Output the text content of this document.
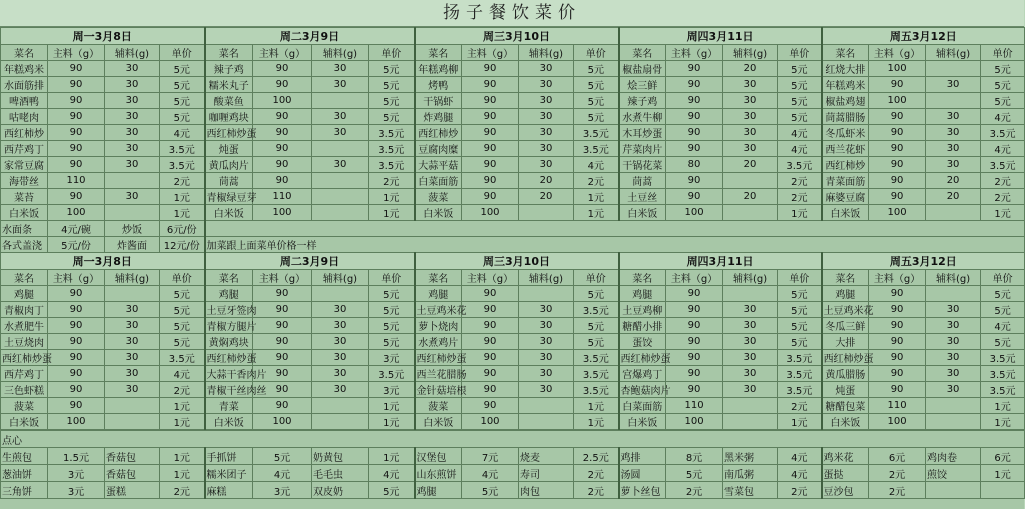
扬子餐饮菜价
周一3月8日				周二3月9日				周三3月10日				周四3月11日				周五3月12日			
菜名	主料（g）	辅料(g)	单价	菜名	主料（g）	辅料(g)	单价	菜名	主料（g）	辅料(g)	单价	菜名	主料（g）	辅料(g)	单价	菜名	主料（g）	辅料(g)	单价
年糕鸡米	90	30	5元	辣子鸡	90	30	5元	年糕鸡柳	90	30	5元	椒盐扇骨	90	20	5元	红烧大排	100		5元
水面筋排	90	30	5元	糯米丸子	90	30	5元	烤鸭	90	30	5元	烩三鲜	90	30	5元	年糕鸡米	90	30	5元
啤酒鸭	90	30	5元	酸菜鱼	100		5元	干锅虾	90	30	5元	辣子鸡	90	30	5元	椒盐鸡翅	100		5元
咕咾肉	90	30	5元	咖喱鸡块	90	30	5元	炸鸡腿	90	30	5元	水煮牛柳	90	30	5元	茼蒿腊肠	90	30	4元
西红柿炒	90	30	4元	西红柿炒蛋	90	30	3.5元	西红柿炒	90	30	3.5元	木耳炒蛋	90	30	4元	冬瓜虾米	90	30	3.5元
西芹鸡丁	90	30	3.5元	炖蛋	90		3.5元	豆腐肉糜	90	30	3.5元	芹菜肉片	90	30	4元	西兰花虾	90	30	4元
家常豆腐	90	30	3.5元	黄瓜肉片	90	30	3.5元	大蒜平菇	90	30	4元	干锅花菜	80	20	3.5元	西红柿炒	90	30	3.5元
海带丝	110		2元	茼蒿	90		2元	白菜面筋	90	20	2元	茼蒿	90		2元	青菜面筋	90	20	2元
菜苔	90	30	1元	青椒绿豆芽	110		1元	菠菜	90	20	1元	土豆丝	90	20	2元	麻婆豆腐	90	20	2元
白米饭	100		1元	白米饭	100		1元	白米饭	100		1元	白米饭	100		1元	白米饭	100		1元
水面条	4元/碗	炒饭	6元/份																
各式盖浇	5元/份	炸酱面	12元/份	加菜跟上面菜单价格一样															
周一3月8日				周二3月9日				周三3月10日				周四3月11日				周五3月12日			
菜名	主料（g）	辅料(g)	单价	菜名	主料（g）	辅料(g)	单价	菜名	主料（g）	辅料(g)	单价	菜名	主料（g）	辅料(g)	单价	菜名	主料（g）	辅料(g)	单价
鸡腿	90		5元	鸡腿	90		5元	鸡腿	90		5元	鸡腿	90		5元	鸡腿	90		5元
青椒肉丁	90	30	5元	土豆牙签肉	90	30	5元	土豆鸡米花	90	30	3.5元	土豆鸡柳	90	30	5元	土豆鸡米花	90	30	5元
水煮肥牛	90	30	5元	青椒方腿片	90	30	5元	萝卜烧肉	90	30	5元	糖醋小排	90	30	5元	冬瓜三鲜	90	30	4元
土豆烧肉	90	30	5元	黄焖鸡块	90	30	5元	水煮鸡片	90	30	5元	蛋饺	90	30	5元	大排	90	30	5元
西红柿炒蛋	90	30	3.5元	西红柿炒蛋	90	30	3元	西红柿炒蛋	90	30	3.5元	西红柿炒蛋	90	30	3.5元	西红柿炒蛋	90	30	3.5元
西芹鸡丁	90	30	4元	大蒜干香肉片	90	30	3.5元	西兰花腊肠	90	30	3.5元	宫爆鸡丁	90	30	3.5元	黄瓜腊肠	90	30	3.5元
三色虾糕	90	30	2元	青椒干丝肉丝	90	30	3元	金针菇培根	90	30	3.5元	杏鲍菇肉片	90	30	3.5元	炖蛋	90	30	3.5元
菠菜	90		1元	青菜	90		1元	菠菜	90		1元	白菜面筋	110		2元	糖醋包菜	110		1元
白米饭	100		1元	白米饭	100		1元	白米饭	100		1元	白米饭	100		1元	白米饭	100		1元
点心																			
生煎包	1.5元	香菇包	1元	手抓饼	5元	奶黄包	1元	汉堡包	7元	烧麦	2.5元	鸡排	8元	黑米粥	4元	鸡米花	6元	鸡肉卷	6元
葱油饼	3元	香菇包	1元	糯米团子	4元	毛毛虫	4元	山东煎饼	4元	寿司	2元	汤圆	5元	南瓜粥	4元	蛋挞	2元	煎饺	1元
三角饼	3元	蛋糕	2元	麻糕	3元	双皮奶	5元	鸡腿	5元	肉包	2元	萝卜丝包	2元	雪菜包	2元	豆沙包	2元		
